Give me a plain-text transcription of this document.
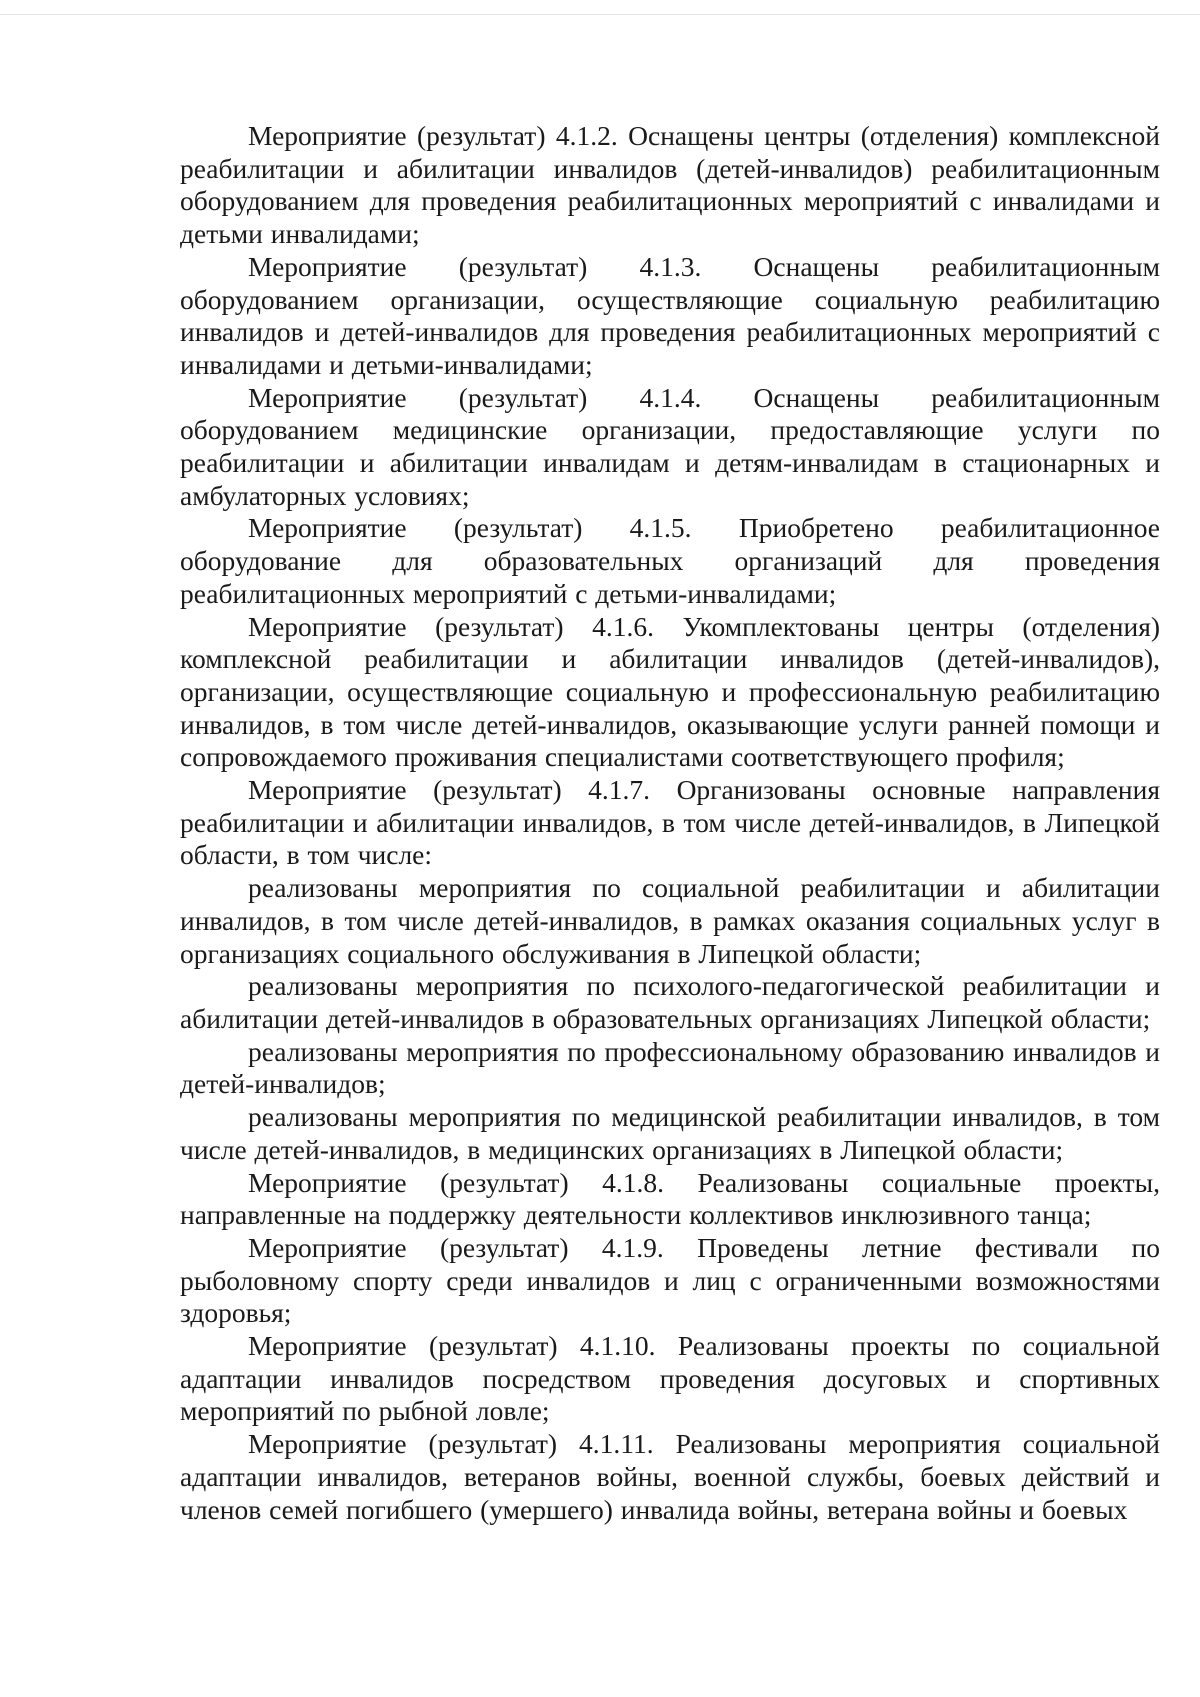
Мероприятие (результат) 4.1.2. Оснащены центры (отделения) комплексной реабилитации и абилитации инвалидов (детей-инвалидов) реабилитационным оборудованием для проведения реабилитационных мероприятий с инвалидами и детьми инвалидами;

Мероприятие (результат) 4.1.3. Оснащены реабилитационным оборудованием организации, осуществляющие социальную реабилитацию инвалидов и детей-инвалидов для проведения реабилитационных мероприятий с инвалидами и детьми-инвалидами;

Мероприятие (результат) 4.1.4. Оснащены реабилитационным оборудованием медицинские организации, предоставляющие услуги по реабилитации и абилитации инвалидам и детям-инвалидам в стационарных и амбулаторных условиях;

Мероприятие (результат) 4.1.5. Приобретено реабилитационное оборудование для образовательных организаций для проведения реабилитационных мероприятий с детьми-инвалидами;

Мероприятие (результат) 4.1.6. Укомплектованы центры (отделения) комплексной реабилитации и абилитации инвалидов (детей-инвалидов), организации, осуществляющие социальную и профессиональную реабилитацию инвалидов, в том числе детей-инвалидов, оказывающие услуги ранней помощи и сопровождаемого проживания специалистами соответствующего профиля;

Мероприятие (результат) 4.1.7. Организованы основные направления реабилитации и абилитации инвалидов, в том числе детей-инвалидов, в Липецкой области, в том числе:

реализованы мероприятия по социальной реабилитации и абилитации инвалидов, в том числе детей-инвалидов, в рамках оказания социальных услуг в организациях социального обслуживания в Липецкой области;

реализованы мероприятия по психолого-педагогической реабилитации и абилитации детей-инвалидов в образовательных организациях Липецкой области;

реализованы мероприятия по профессиональному образованию инвалидов и детей-инвалидов;

реализованы мероприятия по медицинской реабилитации инвалидов, в том числе детей-инвалидов, в медицинских организациях в Липецкой области;

Мероприятие (результат) 4.1.8. Реализованы социальные проекты, направленные на поддержку деятельности коллективов инклюзивного танца;

Мероприятие (результат) 4.1.9. Проведены летние фестивали по рыболовному спорту среди инвалидов и лиц с ограниченными возможностями здоровья;

Мероприятие (результат) 4.1.10. Реализованы проекты по социальной адаптации инвалидов посредством проведения досуговых и спортивных мероприятий по рыбной ловле;

Мероприятие (результат) 4.1.11. Реализованы мероприятия социальной адаптации инвалидов, ветеранов войны, военной службы, боевых действий и членов семей погибшего (умершего) инвалида войны, ветерана войны и боевых
